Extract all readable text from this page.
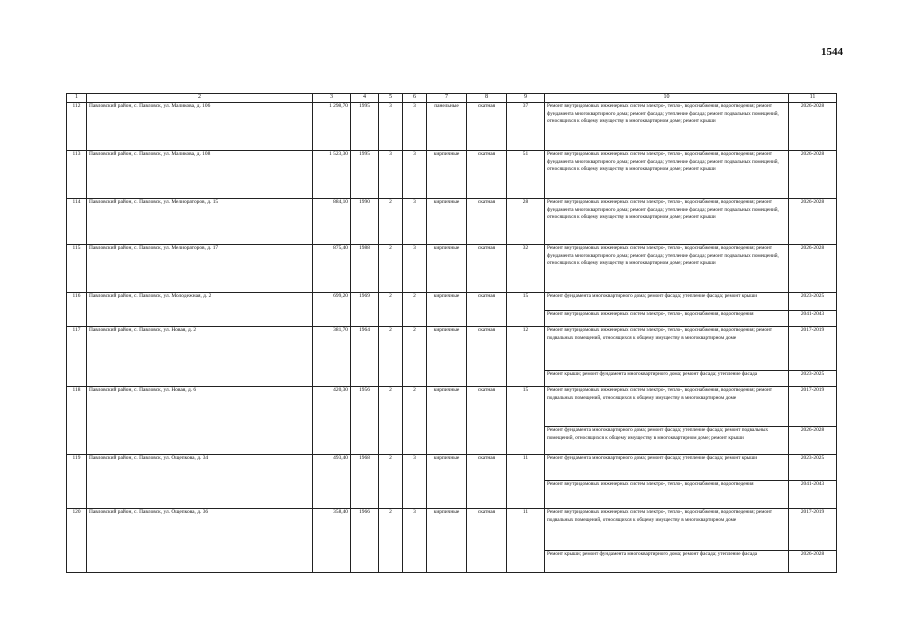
1544
1	2	3	4	5	6	7	8	9	10	11
112	Павловский район, с. Павловск, ул. Маликова, д. 106	1 298,70	1995	3	3	панельные	скатная	37	Ремонт внутридомовых инженерных систем электро-, тепло-, водоснабжения, водоотведения; ремонт фундамента многоквартирного дома; ремонт фасада; утепление фасада; ремонт подвальных помещений, относящихся к общему имуществу в многоквартирном доме; ремонт крыши	2026-2028
113	Павловский район, с. Павловск, ул. Маликова, д. 108	1 523,30	1995	3	3	кирпичные	скатная	51	Ремонт внутридомовых инженерных систем электро-, тепло-, водоснабжения, водоотведения; ремонт фундамента многоквартирного дома; ремонт фасада; утепление фасада; ремонт подвальных помещений, относящихся к общему имуществу в многоквартирном доме; ремонт крыши	2026-2028
114	Павловский район, с. Павловск, ул. Мелиораторов, д. 15	884,10	1990	2	3	кирпичные	скатная	28	Ремонт внутридомовых инженерных систем электро-, тепло-, водоснабжения, водоотведения; ремонт фундамента многоквартирного дома; ремонт фасада; утепление фасада; ремонт подвальных помещений, относящихся к общему имуществу в многоквартирном доме; ремонт крыши	2026-2028
115	Павловский район, с. Павловск, ул. Мелиораторов, д. 17	875,40	1988	2	3	кирпичные	скатная	32	Ремонт внутридомовых инженерных систем электро-, тепло-, водоснабжения, водоотведения; ремонт фундамента многоквартирного дома; ремонт фасада; утепление фасада; ремонт подвальных помещений, относящихся к общему имуществу в многоквартирном доме; ремонт крыши	2026-2028
116	Павловский район, с. Павловск, ул. Молодежная, д. 2	699,20	1969	2	2	кирпичные	скатная	15	Ремонт фундамента многоквартирного дома; ремонт фасада; утепление фасада; ремонт крыши	2023-2025
									Ремонт внутридомовых инженерных систем электро-, тепло-, водоснабжения, водоотведения	2041-2043
117	Павловский район, с. Павловск, ул. Новая, д. 2	381,70	1964	2	2	кирпичные	скатная	12	Ремонт внутридомовых инженерных систем электро-, тепло-, водоснабжения, водоотведения; ремонт подвальных помещений, относящихся к общему имуществу в многоквартирном доме	2017-2019
									Ремонт крыши; ремонт фундамента многоквартирного дома; ремонт фасада; утепление фасада	2023-2025
118	Павловский район, с. Павловск, ул. Новая, д. 6	420,30	1956	2	2	кирпичные	скатная	15	Ремонт внутридомовых инженерных систем электро-, тепло-, водоснабжения, водоотведения; ремонт подвальных помещений, относящихся к общему имуществу в многоквартирном доме	2017-2019
									Ремонт фундамента многоквартирного дома; ремонт фасада; утепление фасада; ремонт подвальных помещений, относящихся к общему имуществу в многоквартирном доме; ремонт крыши	2026-2028
119	Павловский район, с. Павловск, ул. Ощепкова, д. 34	493,40	1968	2	3	кирпичные	скатная	11	Ремонт фундамента многоквартирного дома; ремонт фасада; утепление фасада; ремонт крыши	2023-2025
									Ремонт внутридомовых инженерных систем электро-, тепло-, водоснабжения, водоотведения	2041-2043
120	Павловский район, с. Павловск, ул. Ощепкова, д. 36	358,40	1966	2	3	кирпичные	скатная	11	Ремонт внутридомовых инженерных систем электро-, тепло-, водоснабжения, водоотведения; ремонт подвальных помещений, относящихся к общему имуществу в многоквартирном доме	2017-2019
									Ремонт крыши; ремонт фундамента многоквартирного дома; ремонт фасада; утепление фасада	2026-2028
